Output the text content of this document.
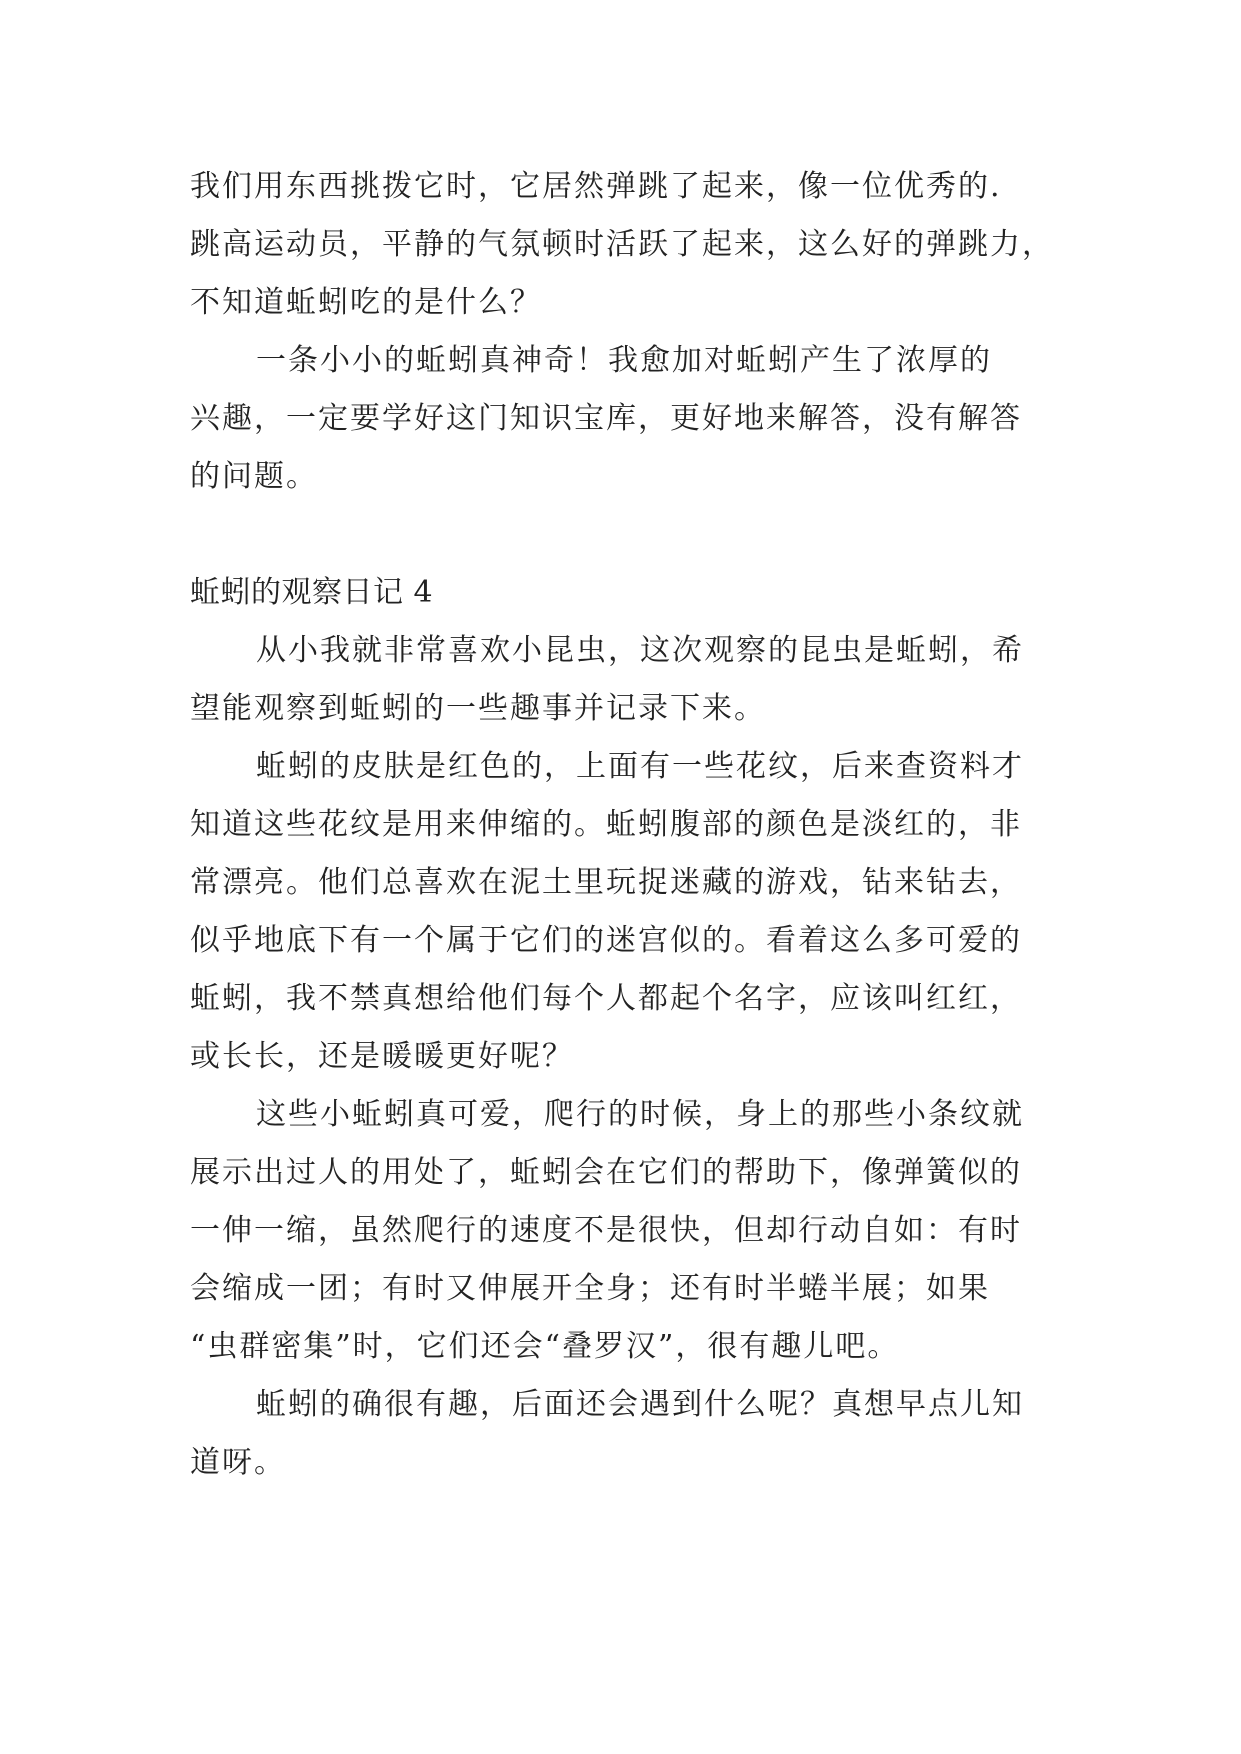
我们用东西挑拨它时，它居然弹跳了起来，像一位优秀的.
跳高运动员，平静的气氛顿时活跃了起来，这么好的弹跳力，
不知道蚯蚓吃的是什么？
一条小小的蚯蚓真神奇！我愈加对蚯蚓产生了浓厚的
兴趣，一定要学好这门知识宝库，更好地来解答，没有解答
的问题。
蚯蚓的观察日记 4
从小我就非常喜欢小昆虫，这次观察的昆虫是蚯蚓，希
望能观察到蚯蚓的一些趣事并记录下来。
蚯蚓的皮肤是红色的，上面有一些花纹，后来查资料才
知道这些花纹是用来伸缩的。蚯蚓腹部的颜色是淡红的，非
常漂亮。他们总喜欢在泥土里玩捉迷藏的游戏，钻来钻去，
似乎地底下有一个属于它们的迷宫似的。看着这么多可爱的
蚯蚓，我不禁真想给他们每个人都起个名字，应该叫红红，
或长长，还是暖暖更好呢？
这些小蚯蚓真可爱，爬行的时候，身上的那些小条纹就
展示出过人的用处了，蚯蚓会在它们的帮助下，像弹簧似的
一伸一缩，虽然爬行的速度不是很快，但却行动自如：有时
会缩成一团；有时又伸展开全身；还有时半蜷半展；如果
“虫群密集”时，它们还会“叠罗汉”，很有趣儿吧。
蚯蚓的确很有趣，后面还会遇到什么呢？真想早点儿知
道呀。
